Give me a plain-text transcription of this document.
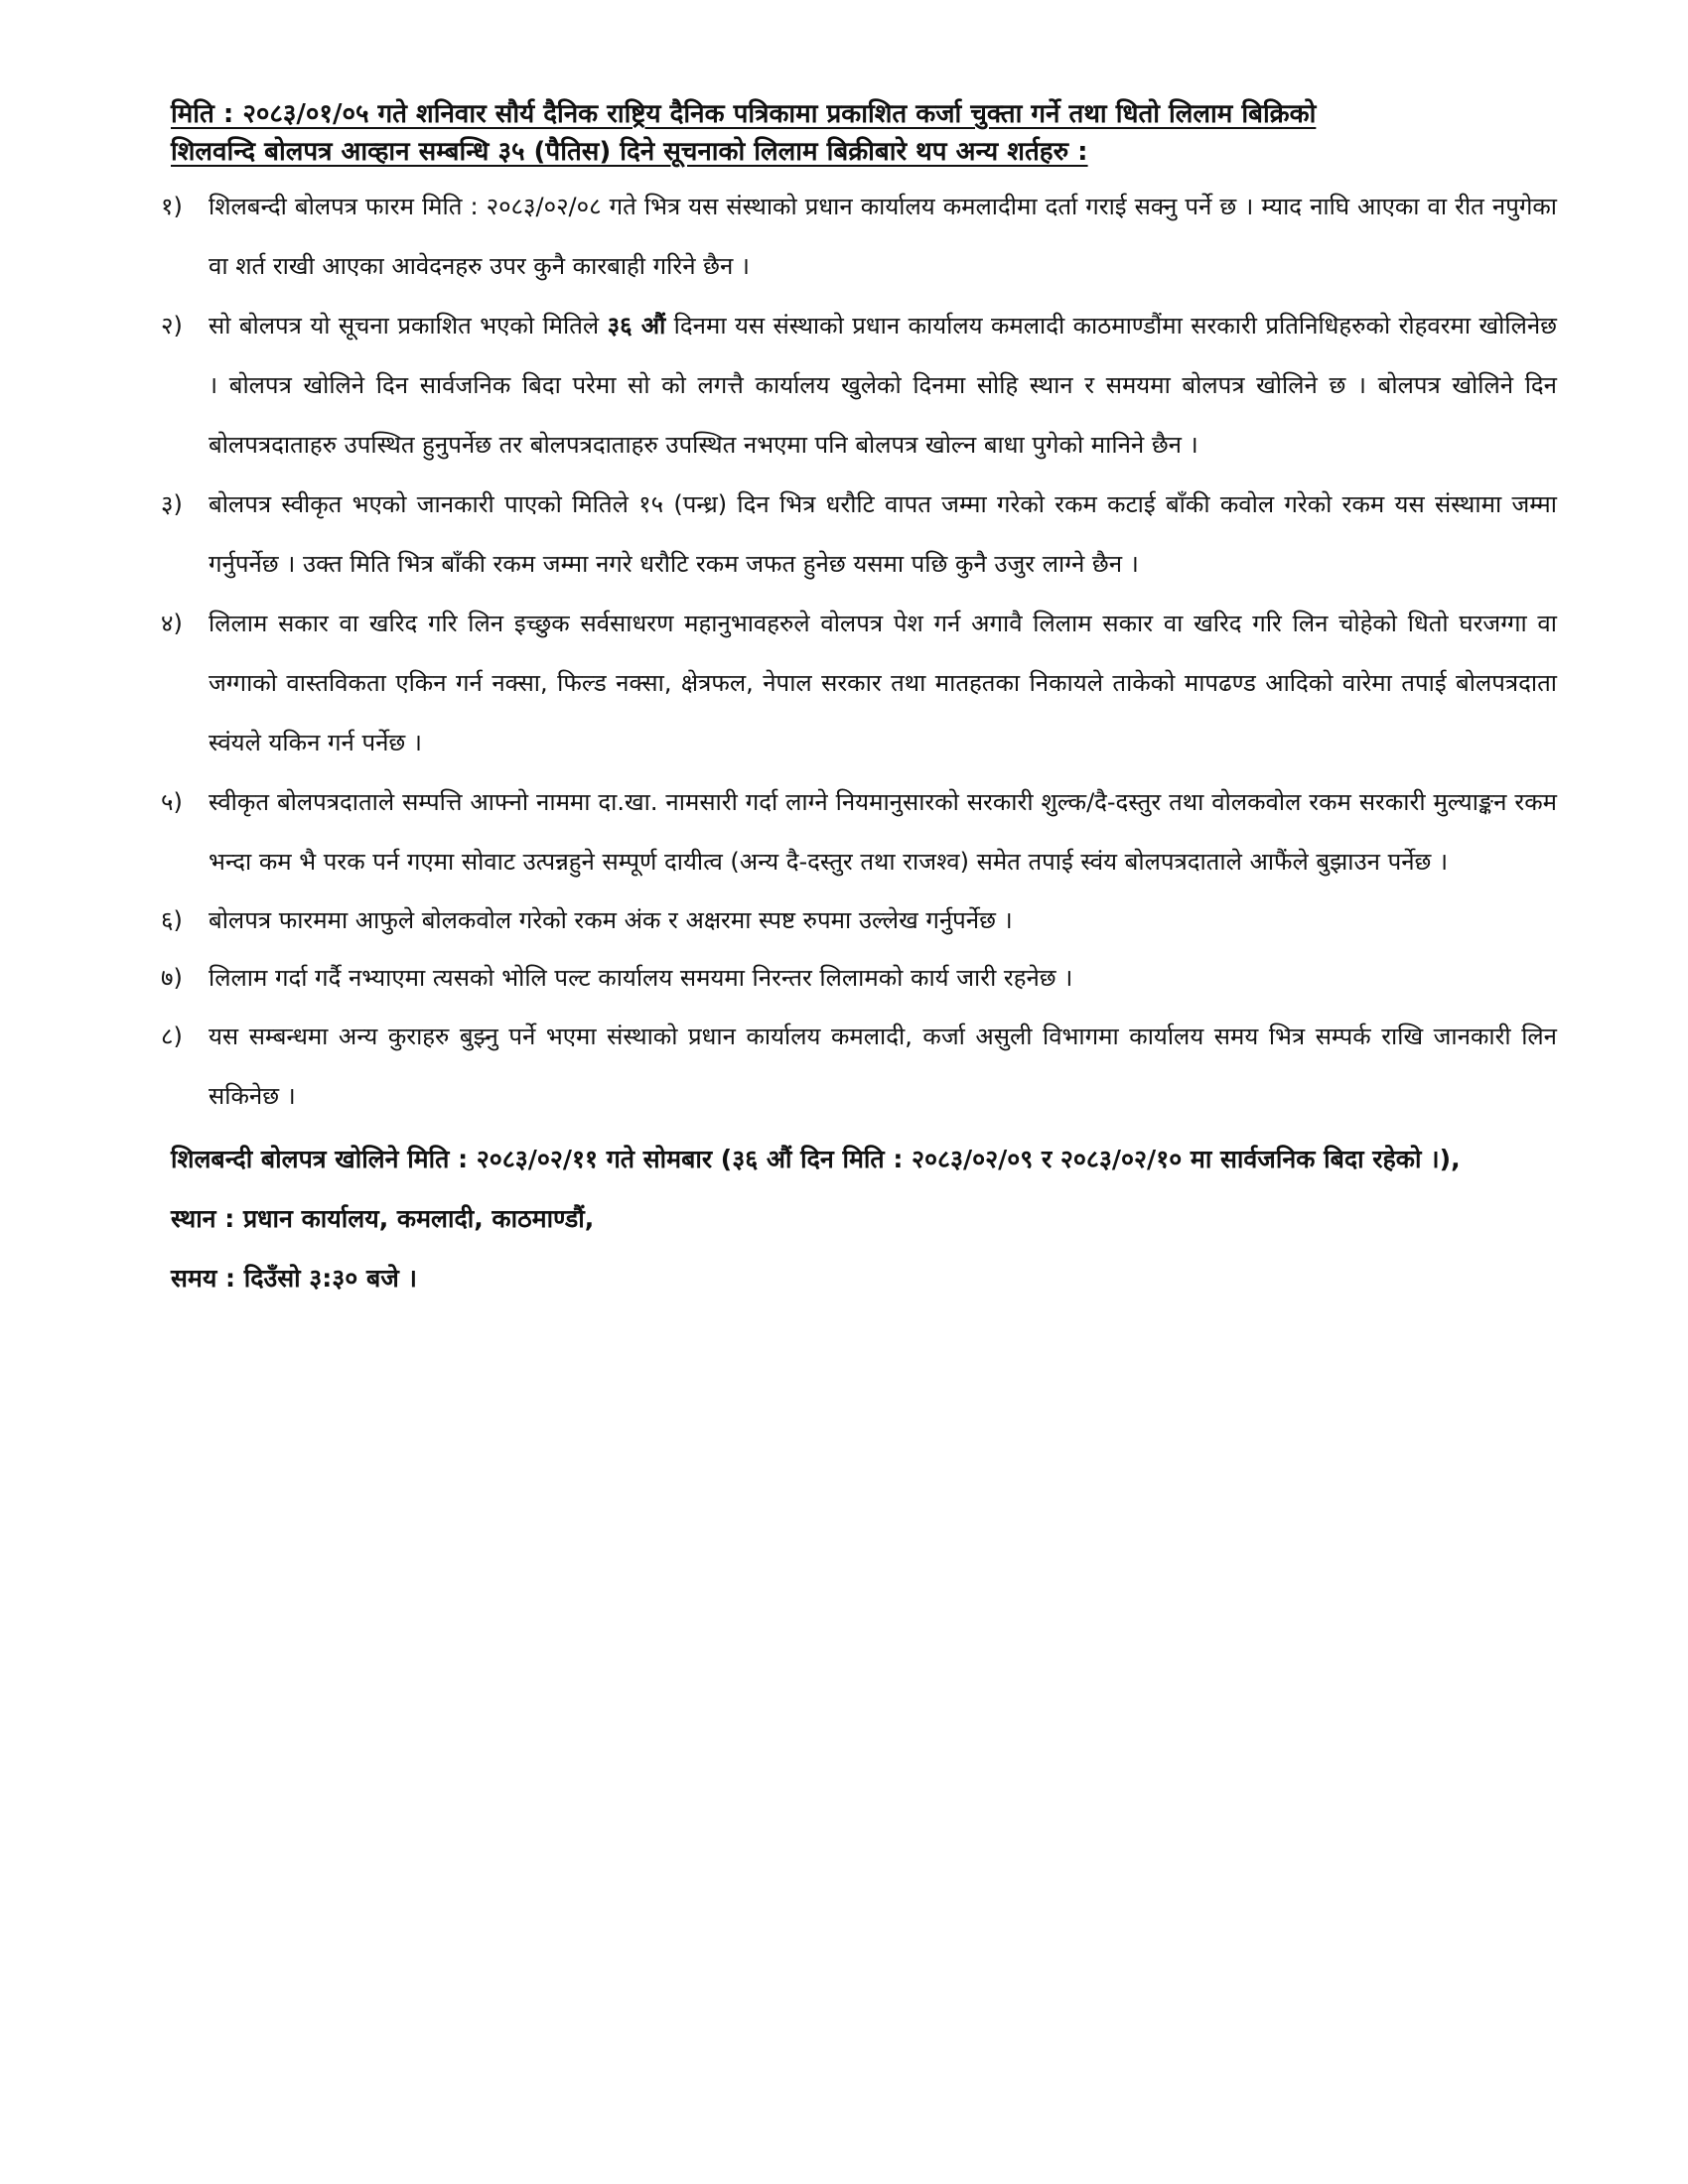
मिति : २०८३/०१/०५ गते शनिवार सौर्य दैनिक राष्ट्रिय दैनिक पत्रिकामा प्रकाशित कर्जा चुक्ता गर्ने तथा धितो लिलाम बिक्रिको
शिलवन्दि बोलपत्र आव्हान सम्बन्धि ३५ (पैतिस) दिने सूचनाको लिलाम बिक्रीबारे थप अन्य शर्तहरु :
१)	शिलबन्दी बोलपत्र फारम मिति : २०८३/०२/०८ गते भित्र यस संस्थाको प्रधान कार्यालय कमलादीमा दर्ता गराई सक्नु पर्ने छ । म्याद नाघि आएका वा रीत नपुगेका वा शर्त राखी आएका आवेदनहरु उपर कुनै कारबाही गरिने छैन ।
२)	सो बोलपत्र यो सूचना प्रकाशित भएको मितिले ३६ औं दिनमा यस संस्थाको प्रधान कार्यालय कमलादी काठमाण्डौंमा सरकारी प्रतिनिधिहरुको रोहवरमा खोलिनेछ । बोलपत्र खोलिने दिन सार्वजनिक बिदा परेमा सो को लगत्तै कार्यालय खुलेको दिनमा सोहि स्थान र समयमा बोलपत्र खोलिने छ । बोलपत्र खोलिने दिन बोलपत्रदाताहरु उपस्थित हुनुपर्नेछ तर बोलपत्रदाताहरु उपस्थित नभएमा पनि बोलपत्र खोल्न बाधा पुगेको मानिने छैन ।
३)	बोलपत्र स्वीकृत भएको जानकारी पाएको मितिले १५ (पन्ध्र) दिन भित्र धरौटि वापत जम्मा गरेको रकम कटाई बाँकी कवोल गरेको रकम यस संस्थामा जम्मा गर्नुपर्नेछ । उक्त मिति भित्र बाँकी रकम जम्मा नगरे धरौटि रकम जफत हुनेछ यसमा पछि कुनै उजुर लाग्ने छैन ।
४)	लिलाम सकार वा खरिद गरि लिन इच्छुक सर्वसाधरण महानुभावहरुले वोलपत्र पेश गर्न अगावै लिलाम सकार वा खरिद गरि लिन चोहेको धितो घरजग्गा वा जग्गाको वास्तविकता एकिन गर्न नक्सा, फिल्ड नक्सा, क्षेत्रफल, नेपाल सरकार तथा मातहतका निकायले ताकेको मापढण्ड आदिको वारेमा तपाई बोलपत्रदाता स्वंयले यकिन गर्न पर्नेछ ।
५)	स्वीकृत बोलपत्रदाताले सम्पत्ति आफ्नो नाममा दा.खा. नामसारी गर्दा लाग्ने नियमानुसारको सरकारी शुल्क/दै-दस्तुर तथा वोलकवोल रकम सरकारी मुल्याङ्कन रकम भन्दा कम भै परक पर्न गएमा सोवाट उत्पन्नहुने सम्पूर्ण दायीत्व (अन्य दै-दस्तुर तथा राजश्व) समेत तपाई स्वंय बोलपत्रदाताले आफैंले बुझाउन पर्नेछ ।
६)	बोलपत्र फारममा आफुले बोलकवोल गरेको रकम अंक र अक्षरमा स्पष्ट रुपमा उल्लेख गर्नुपर्नेछ ।
७)	लिलाम गर्दा गर्दै नभ्याएमा त्यसको भोलि पल्ट कार्यालय समयमा निरन्तर लिलामको कार्य जारी रहनेछ ।
८)	यस सम्बन्धमा अन्य कुराहरु बुझ्नु पर्ने भएमा संस्थाको प्रधान कार्यालय कमलादी, कर्जा असुली विभागमा कार्यालय समय भित्र सम्पर्क राखि जानकारी लिन सकिनेछ ।

शिलबन्दी बोलपत्र खोलिने मिति : २०८३/०२/११ गते सोमबार (३६ औं दिन मिति : २०८३/०२/०९ र २०८३/०२/१० मा सार्वजनिक बिदा रहेको ।),

स्थान : प्रधान कार्यालय, कमलादी, काठमाण्डौं,

समय : दिउँसो ३:३० बजे ।
